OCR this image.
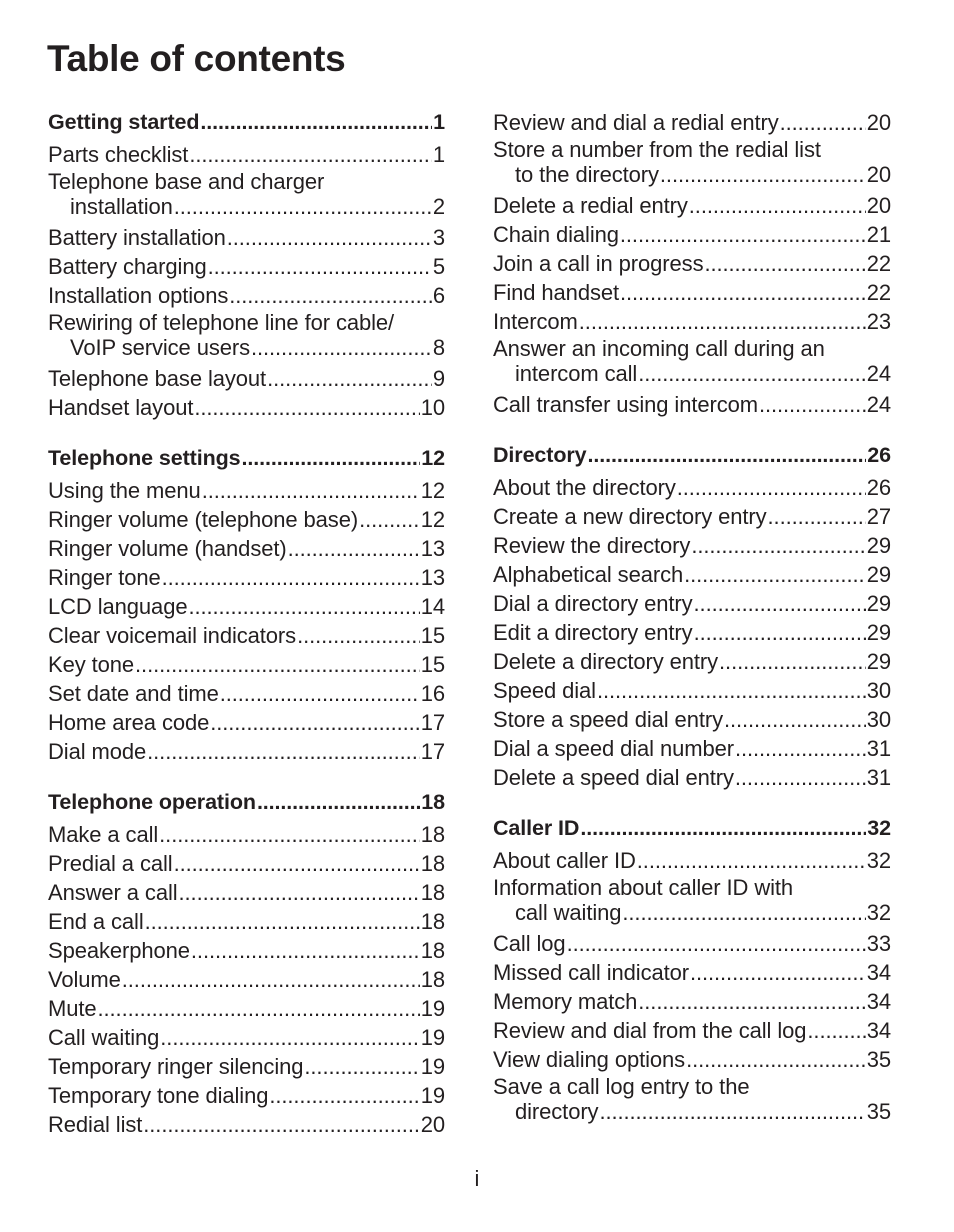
Table of contents
Getting started .....	1
Parts checklist .....	1
Telephone base and charger
installation .....	2
Battery installation .....	3
Battery charging .....	5
Installation options .....	6
Rewiring of telephone line for cable/
VoIP service users .....	8
Telephone base layout .....	9
Handset layout .....	10
Telephone settings .....	12
Using the menu .....	12
Ringer volume (telephone base) .....	12
Ringer volume (handset) .....	13
Ringer tone .....	13
LCD language .....	14
Clear voicemail indicators .....	15
Key tone .....	15
Set date and time .....	16
Home area code .....	17
Dial mode .....	17
Telephone operation .....	18
Make a call .....	18
Predial a call .....	18
Answer a call .....	18
End a call .....	18
Speakerphone .....	18
Volume .....	18
Mute .....	19
Call waiting .....	19
Temporary ringer silencing .....	19
Temporary tone dialing .....	19
Redial list .....	20
Review and dial a redial entry .....	20
Store a number from the redial list
to the directory .....	20
Delete a redial entry .....	20
Chain dialing .....	21
Join a call in progress .....	22
Find handset .....	22
Intercom .....	23
Answer an incoming call during an
intercom call .....	24
Call transfer using intercom .....	24
Directory .....	26
About the directory .....	26
Create a new directory entry .....	27
Review the directory .....	29
Alphabetical search .....	29
Dial a directory entry .....	29
Edit a directory entry .....	29
Delete a directory entry .....	29
Speed dial .....	30
Store a speed dial entry .....	30
Dial a speed dial number .....	31
Delete a speed dial entry .....	31
Caller ID .....	32
About caller ID .....	32
Information about caller ID with
call waiting .....	32
Call log .....	33
Missed call indicator .....	34
Memory match .....	34
Review and dial from the call log .....	34
View dialing options .....	35
Save a call log entry to the
directory .....	35
i
